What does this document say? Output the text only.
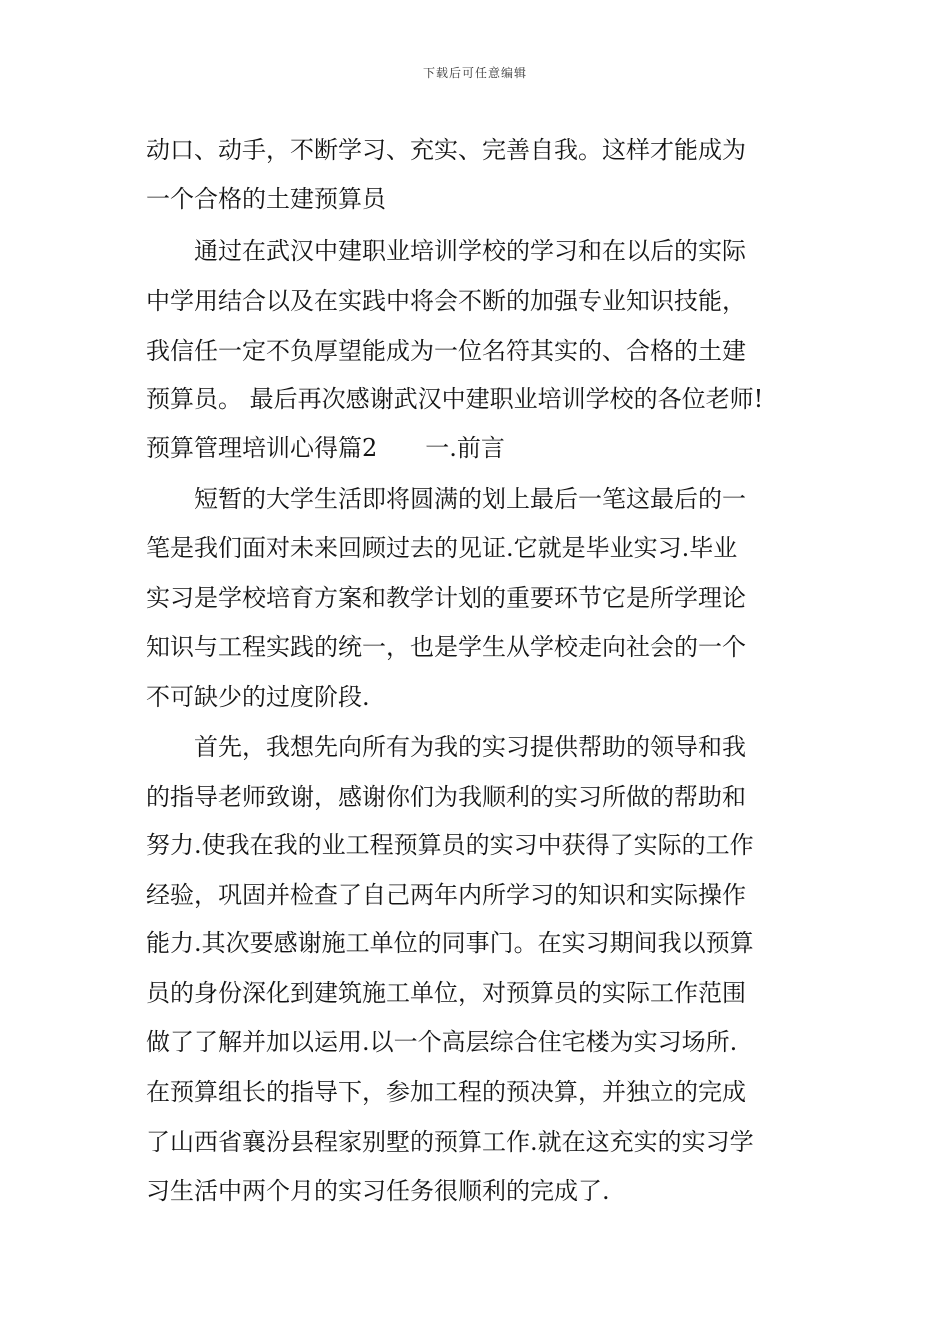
下载后可任意编辑
动口、动手，不断学习、充实、完善自我。这样才能成为
一个合格的土建预算员
　　通过在武汉中建职业培训学校的学习和在以后的实际
中学用结合以及在实践中将会不断的加强专业知识技能，
我信任一定不负厚望能成为一位名符其实的、合格的土建
预算员。 最后再次感谢武汉中建职业培训学校的各位老师!
预算管理培训心得篇2　　一.前言
　　短暂的大学生活即将圆满的划上最后一笔这最后的一
笔是我们面对未来回顾过去的见证.它就是毕业实习.毕业
实习是学校培育方案和教学计划的重要环节它是所学理论
知识与工程实践的统一，也是学生从学校走向社会的一个
不可缺少的过度阶段.
　　首先，我想先向所有为我的实习提供帮助的领导和我
的指导老师致谢，感谢你们为我顺利的实习所做的帮助和
努力.使我在我的业工程预算员的实习中获得了实际的工作
经验，巩固并检查了自己两年内所学习的知识和实际操作
能力.其次要感谢施工单位的同事门。在实习期间我以预算
员的身份深化到建筑施工单位，对预算员的实际工作范围
做了了解并加以运用.以一个高层综合住宅楼为实习场所.
在预算组长的指导下，参加工程的预决算，并独立的完成
了山西省襄汾县程家别墅的预算工作.就在这充实的实习学
习生活中两个月的实习任务很顺利的完成了.
